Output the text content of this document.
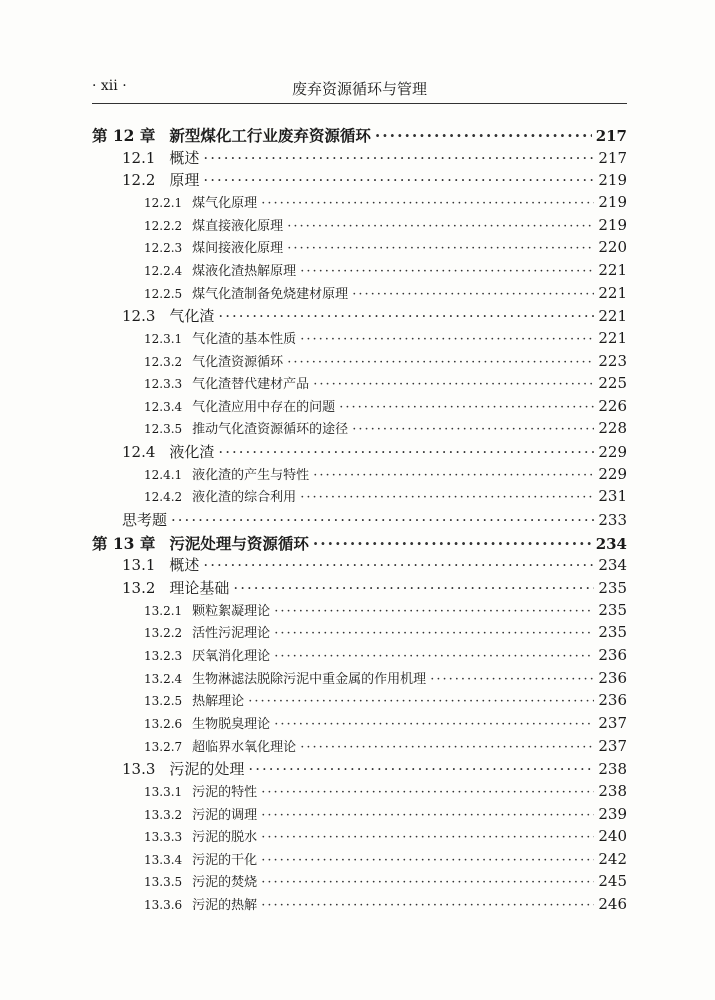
· xii ·	废弃资源循环与管理
第 12 章 新型煤化工行业废弃资源循环 ·····	217
12.1 概述 ·····	217
12.2 原理 ·····	219
12.2.1 煤气化原理 ·····	219
12.2.2 煤直接液化原理 ·····	219
12.2.3 煤间接液化原理 ·····	220
12.2.4 煤液化渣热解原理 ·····	221
12.2.5 煤气化渣制备免烧建材原理 ·····	221
12.3 气化渣 ·····	221
12.3.1 气化渣的基本性质 ·····	221
12.3.2 气化渣资源循环 ·····	223
12.3.3 气化渣替代建材产品 ·····	225
12.3.4 气化渣应用中存在的问题 ·····	226
12.3.5 推动气化渣资源循环的途径 ·····	228
12.4 液化渣 ·····	229
12.4.1 液化渣的产生与特性 ·····	229
12.4.2 液化渣的综合利用 ·····	231
思考题 ·····	233
第 13 章 污泥处理与资源循环 ·····	234
13.1 概述 ·····	234
13.2 理论基础 ·····	235
13.2.1 颗粒絮凝理论 ·····	235
13.2.2 活性污泥理论 ·····	235
13.2.3 厌氧消化理论 ·····	236
13.2.4 生物淋滤法脱除污泥中重金属的作用机理 ·····	236
13.2.5 热解理论 ·····	236
13.2.6 生物脱臭理论 ·····	237
13.2.7 超临界水氧化理论 ·····	237
13.3 污泥的处理 ·····	238
13.3.1 污泥的特性 ·····	238
13.3.2 污泥的调理 ·····	239
13.3.3 污泥的脱水 ·····	240
13.3.4 污泥的干化 ·····	242
13.3.5 污泥的焚烧 ·····	245
13.3.6 污泥的热解 ·····	246
